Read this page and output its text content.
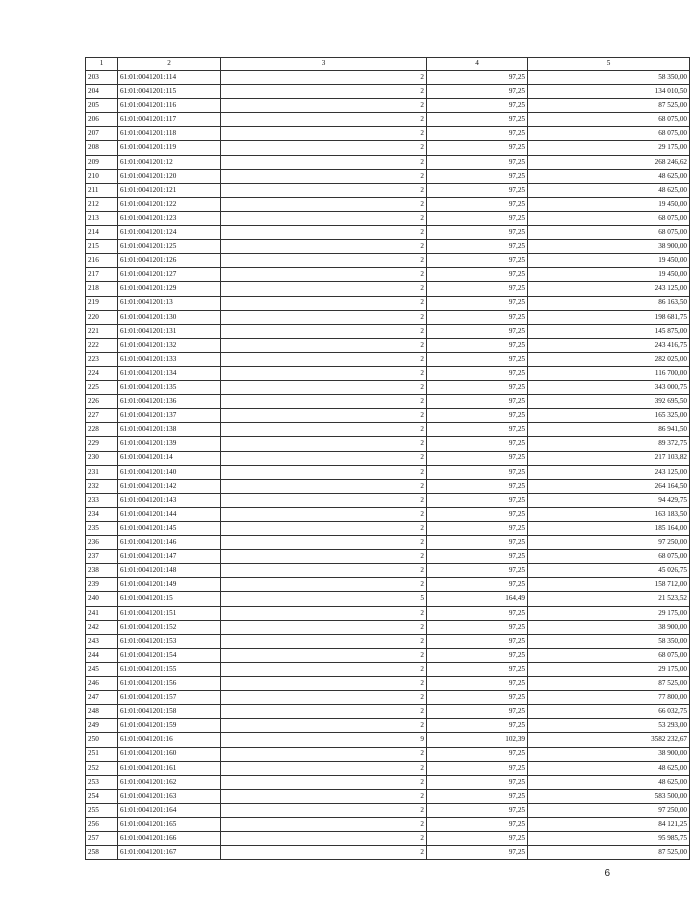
1	2	3	4	5
203	61:01:0041201:114	2	97,25	58 350,00
204	61:01:0041201:115	2	97,25	134 010,50
205	61:01:0041201:116	2	97,25	87 525,00
206	61:01:0041201:117	2	97,25	68 075,00
207	61:01:0041201:118	2	97,25	68 075,00
208	61:01:0041201:119	2	97,25	29 175,00
209	61:01:0041201:12	2	97,25	268 246,62
210	61:01:0041201:120	2	97,25	48 625,00
211	61:01:0041201:121	2	97,25	48 625,00
212	61:01:0041201:122	2	97,25	19 450,00
213	61:01:0041201:123	2	97,25	68 075,00
214	61:01:0041201:124	2	97,25	68 075,00
215	61:01:0041201:125	2	97,25	38 900,00
216	61:01:0041201:126	2	97,25	19 450,00
217	61:01:0041201:127	2	97,25	19 450,00
218	61:01:0041201:129	2	97,25	243 125,00
219	61:01:0041201:13	2	97,25	86 163,50
220	61:01:0041201:130	2	97,25	198 681,75
221	61:01:0041201:131	2	97,25	145 875,00
222	61:01:0041201:132	2	97,25	243 416,75
223	61:01:0041201:133	2	97,25	282 025,00
224	61:01:0041201:134	2	97,25	116 700,00
225	61:01:0041201:135	2	97,25	343 000,75
226	61:01:0041201:136	2	97,25	392 695,50
227	61:01:0041201:137	2	97,25	165 325,00
228	61:01:0041201:138	2	97,25	86 941,50
229	61:01:0041201:139	2	97,25	89 372,75
230	61:01:0041201:14	2	97,25	217 103,82
231	61:01:0041201:140	2	97,25	243 125,00
232	61:01:0041201:142	2	97,25	264 164,50
233	61:01:0041201:143	2	97,25	94 429,75
234	61:01:0041201:144	2	97,25	163 183,50
235	61:01:0041201:145	2	97,25	185 164,00
236	61:01:0041201:146	2	97,25	97 250,00
237	61:01:0041201:147	2	97,25	68 075,00
238	61:01:0041201:148	2	97,25	45 026,75
239	61:01:0041201:149	2	97,25	158 712,00
240	61:01:0041201:15	5	164,49	21 523,52
241	61:01:0041201:151	2	97,25	29 175,00
242	61:01:0041201:152	2	97,25	38 900,00
243	61:01:0041201:153	2	97,25	58 350,00
244	61:01:0041201:154	2	97,25	68 075,00
245	61:01:0041201:155	2	97,25	29 175,00
246	61:01:0041201:156	2	97,25	87 525,00
247	61:01:0041201:157	2	97,25	77 800,00
248	61:01:0041201:158	2	97,25	66 032,75
249	61:01:0041201:159	2	97,25	53 293,00
250	61:01:0041201:16	9	102,39	3582 232,67
251	61:01:0041201:160	2	97,25	38 900,00
252	61:01:0041201:161	2	97,25	48 625,00
253	61:01:0041201:162	2	97,25	48 625,00
254	61:01:0041201:163	2	97,25	583 500,00
255	61:01:0041201:164	2	97,25	97 250,00
256	61:01:0041201:165	2	97,25	84 121,25
257	61:01:0041201:166	2	97,25	95 985,75
258	61:01:0041201:167	2	97,25	87 525,00
6
